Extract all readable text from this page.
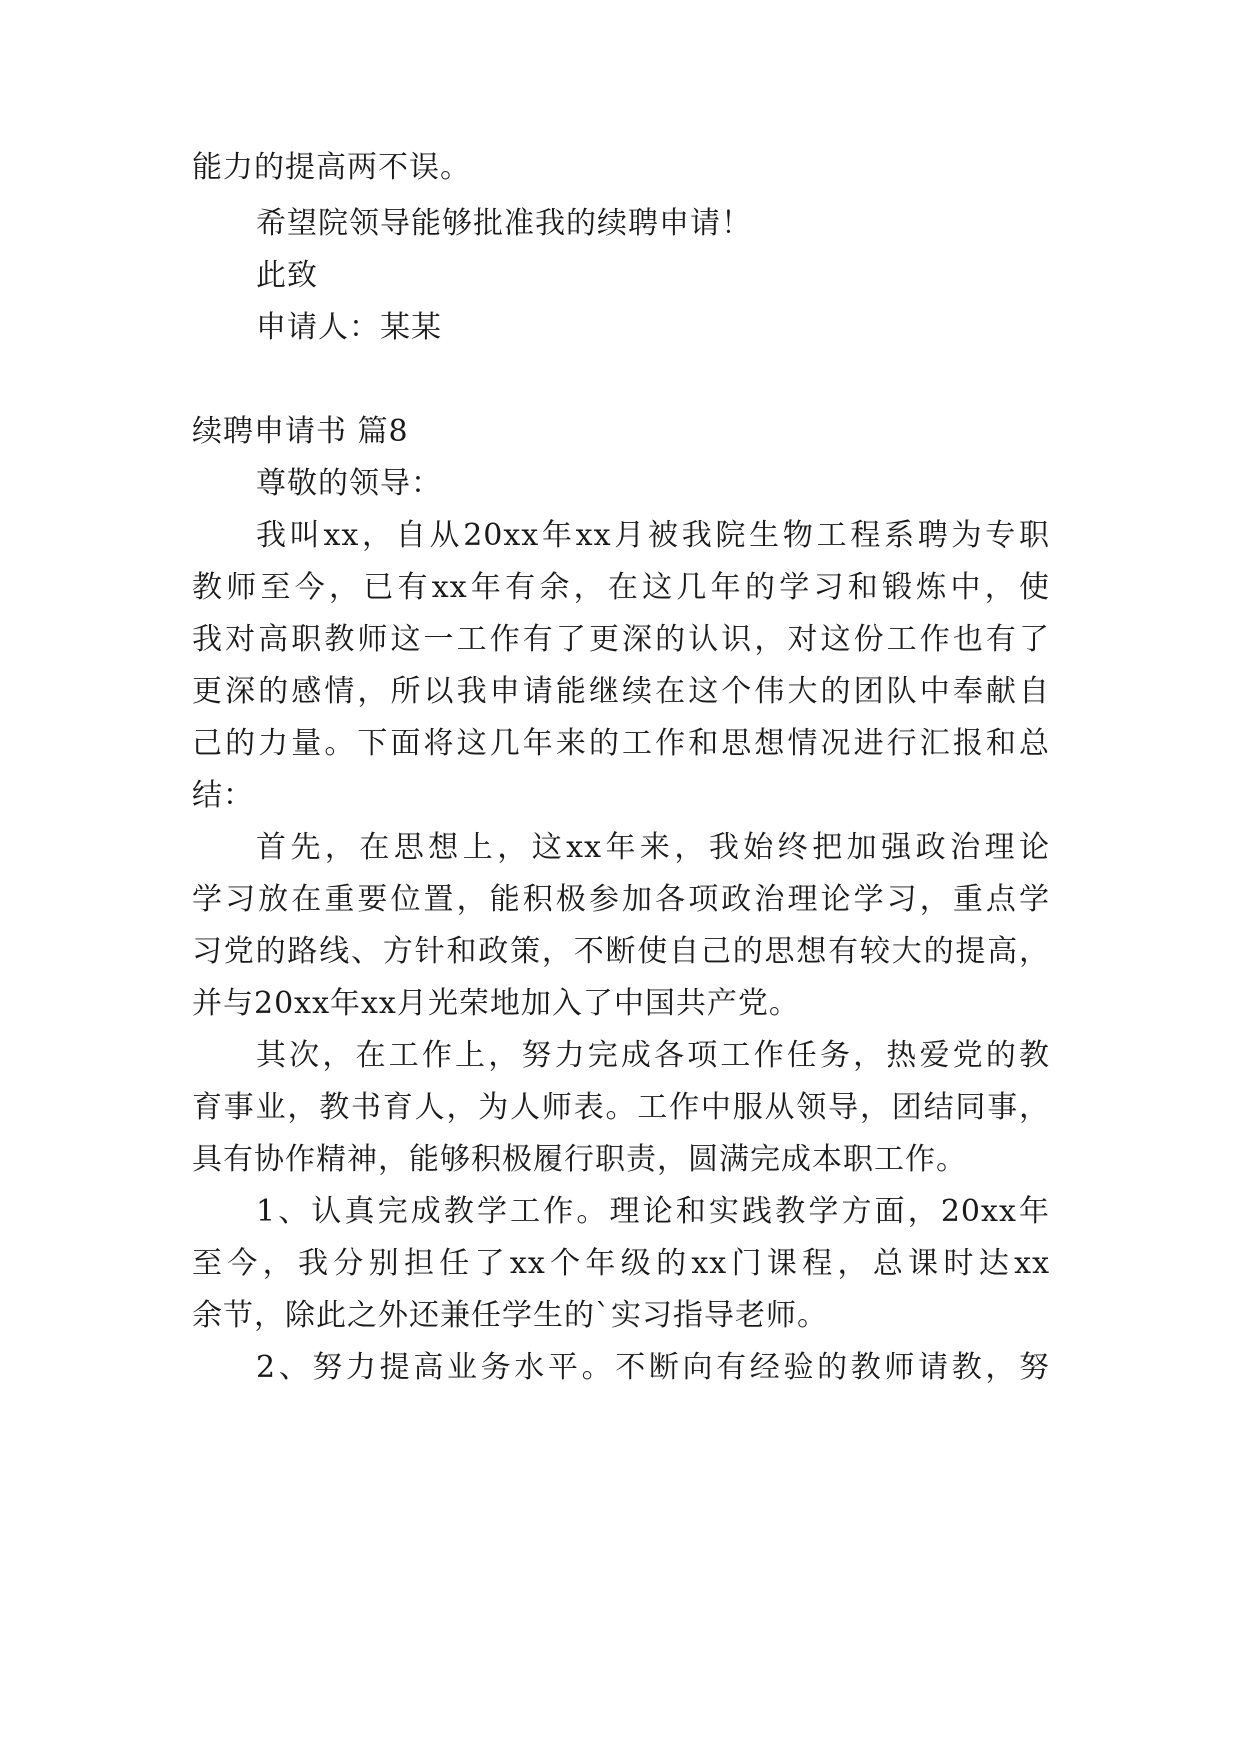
能力的提高两不误。
希望院领导能够批准我的续聘申请！
此致
申请人：某某
续聘申请书 篇8
尊敬的领导：
我叫xx，自从20xx年xx月被我院生物工程系聘为专职
教师至今，已有xx年有余，在这几年的学习和锻炼中，使
我对高职教师这一工作有了更深的认识，对这份工作也有了
更深的感情，所以我申请能继续在这个伟大的团队中奉献自
己的力量。下面将这几年来的工作和思想情况进行汇报和总
结：
首先，在思想上，这xx年来，我始终把加强政治理论
学习放在重要位置，能积极参加各项政治理论学习，重点学
习党的路线、方针和政策，不断使自己的思想有较大的提高，
并与20xx年xx月光荣地加入了中国共产党。
其次，在工作上，努力完成各项工作任务，热爱党的教
育事业，教书育人，为人师表。工作中服从领导，团结同事，
具有协作精神，能够积极履行职责，圆满完成本职工作。
1、认真完成教学工作。理论和实践教学方面，20xx年
至今，我分别担任了xx个年级的xx门课程，总课时达xx
余节，除此之外还兼任学生的`实习指导老师。
2、努力提高业务水平。不断向有经验的教师请教，努
